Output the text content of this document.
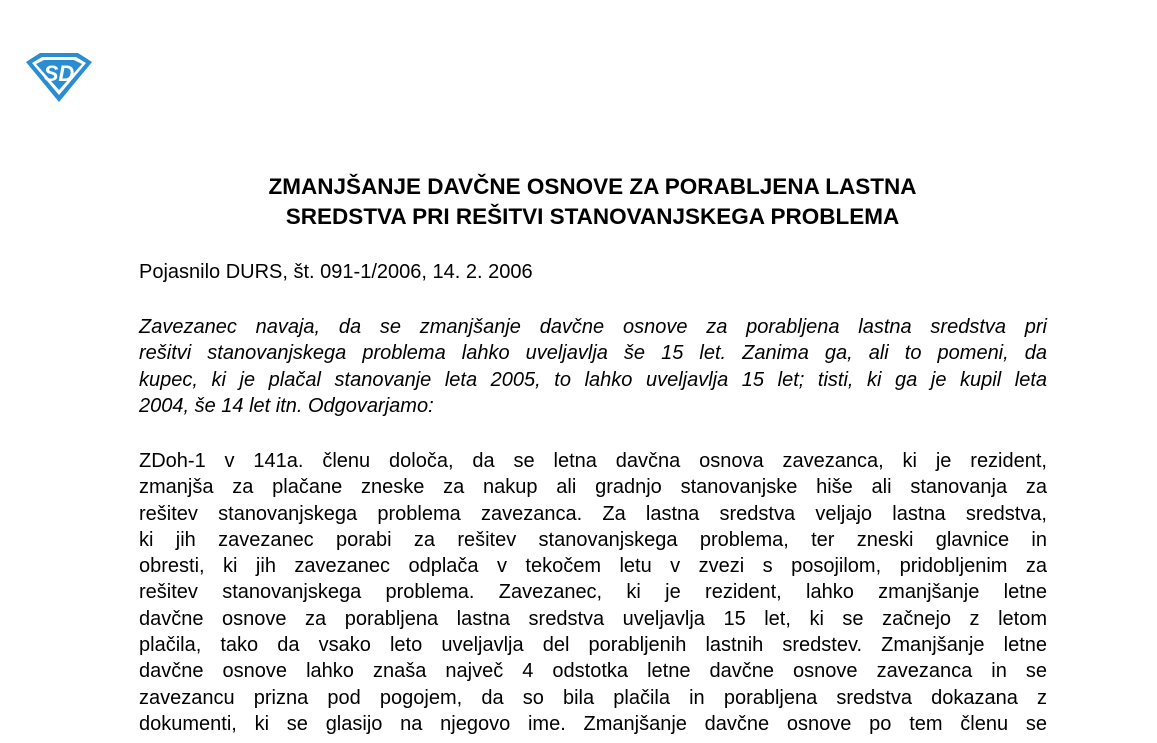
SD
ZMANJŠANJE DAVČNE OSNOVE ZA PORABLJENA LASTNA
SREDSTVA PRI REŠITVI STANOVANJSKEGA PROBLEMA
Pojasnilo DURS, št. 091-1/2006, 14. 2. 2006
Zavezanec navaja, da se zmanjšanje davčne osnove za porabljena lastna sredstva pri
rešitvi stanovanjskega problema lahko uveljavlja še 15 let. Zanima ga, ali to pomeni, da
kupec, ki je plačal stanovanje leta 2005, to lahko uveljavlja 15 let; tisti, ki ga je kupil leta
2004, še 14 let itn. Odgovarjamo:
ZDoh-1 v 141a. členu določa, da se letna davčna osnova zavezanca, ki je rezident,
zmanjša za plačane zneske za nakup ali gradnjo stanovanjske hiše ali stanovanja za
rešitev stanovanjskega problema zavezanca. Za lastna sredstva veljajo lastna sredstva,
ki jih zavezanec porabi za rešitev stanovanjskega problema, ter zneski glavnice in
obresti, ki jih zavezanec odplača v tekočem letu v zvezi s posojilom, pridobljenim za
rešitev stanovanjskega problema. Zavezanec, ki je rezident, lahko zmanjšanje letne
davčne osnove za porabljena lastna sredstva uveljavlja 15 let, ki se začnejo z letom
plačila, tako da vsako leto uveljavlja del porabljenih lastnih sredstev. Zmanjšanje letne
davčne osnove lahko znaša največ 4 odstotka letne davčne osnove zavezanca in se
zavezancu prizna pod pogojem, da so bila plačila in porabljena sredstva dokazana z
dokumenti, ki se glasijo na njegovo ime. Zmanjšanje davčne osnove po tem členu se
